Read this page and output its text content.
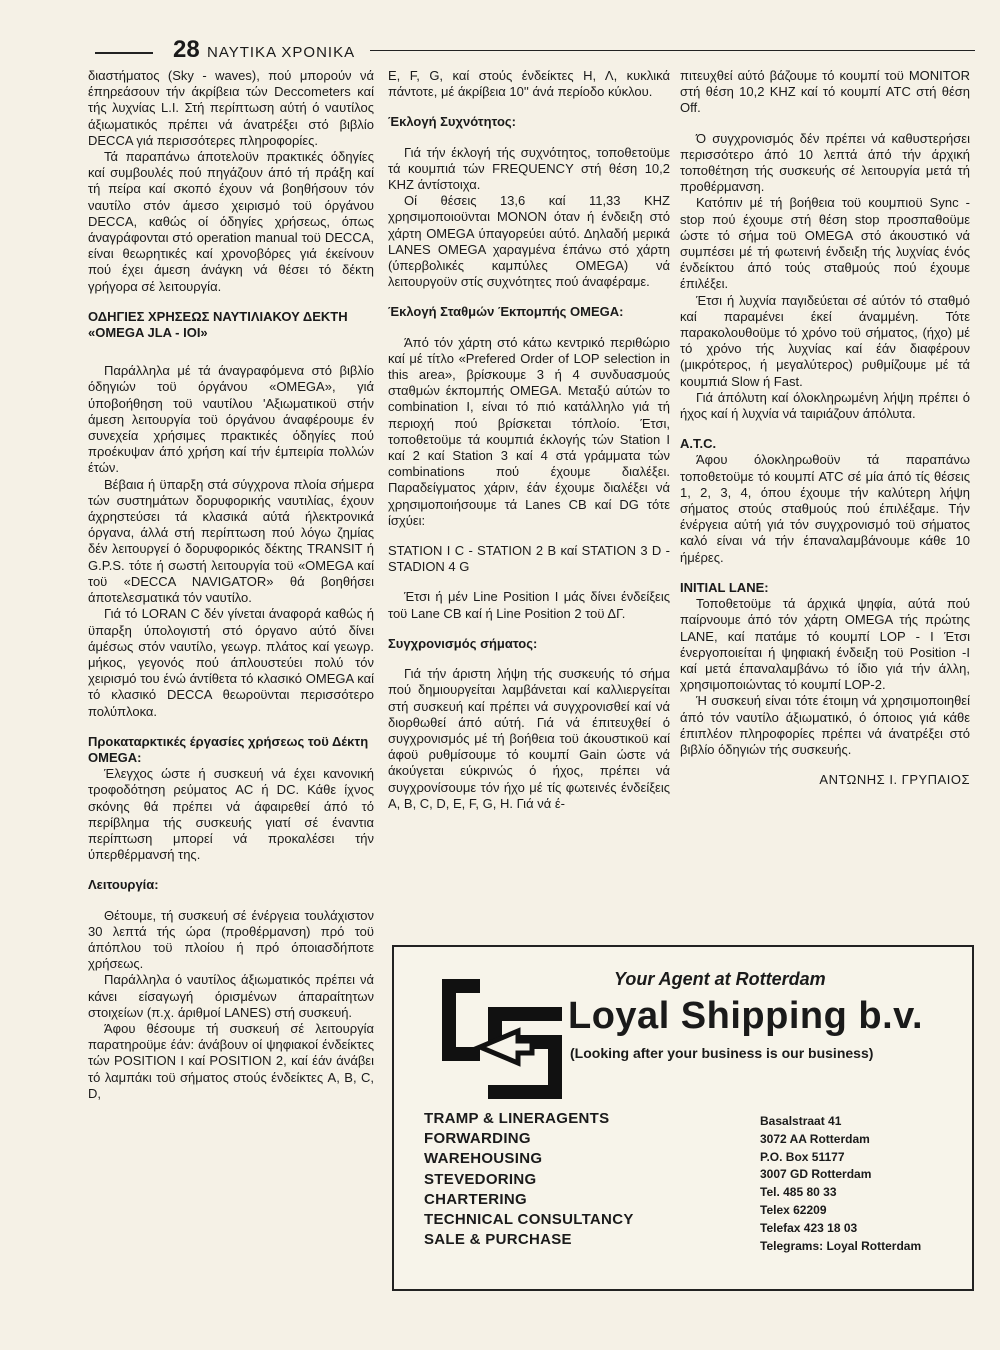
28 ΝΑΥΤΙΚΑ ΧΡΟΝΙΚΑ

διαστήματος (Sky - waves), πού μπορούν νά έπηρεάσουν τήν άκρίβεια τών Deccometers καί τής λυχνίας L.I. Στή περίπτωση αύτή ό ναυτίλος άξιωματικός πρέπει νά άνατρέξει στό βιβλίο DECCA γιά περισσότερες πληροφορίες.

Τά παραπάνω άποτελοϋν πρακτικές όδηγίες καί συμβουλές πού πηγάζουν άπό τή πράξη καί τή πείρα καί σκοπό έχουν νά βοηθήσουν τόν ναυτίλο στόν άμεσο χειρισμό τοϋ όργάνου DECCA, καθώς οί όδηγίες χρήσεως, όπως άναγράφονται στό operation manual τοϋ DECCA, είναι θεωρητικές καί χρονοβόρες γιά έκείνουν πού έχει άμεση άνάγκη νά θέσει τό δέκτη γρήγορα σέ λειτουργία.

ΟΔΗΓΙΕΣ ΧΡΗΣΕΩΣ ΝΑΥΤΙΛΙΑΚΟΥ ΔΕΚΤΗ «OMEGA JLA - IOI»

Παράλληλα μέ τά άναγραφόμενα στό βιβλίο όδηγιών τοϋ όργάνου «OMEGA», γιά ύποβοήθηση τοϋ ναυτίλου 'Αξιωματικοϋ στήν άμεση λειτουργία τοϋ όργάνου άναφέρουμε έν συνεχεία χρήσιμες πρακτικές όδηγίες πού προέκυψαν άπό χρήση καί τήν έμπειρία πολλών έτών.

Βέβαια ή ϋπαρξη στά σύγχρονα πλοία σήμερα τών συστημάτων δορυφορικής ναυτιλίας, έχουν άχρηστεύσει τά κλασικά αύτά ήλεκτρονικά όργανα, άλλά στή περίπτωση πού λόγω ζημίας δέν λειτουργεί ό δορυφορικός δέκτης TRANSIT ή G.P.S. τότε ή σωστή λειτουργία τοϋ «OMEGA καί τοϋ «DECCA NAVIGATOR» θά βοηθήσει άποτελεσματικά τόν ναυτίλο.

Γιά τό LORAN C δέν γίνεται άναφορά καθώς ή ϋπαρξη ύπολογιστή στό όργανο αύτό δίνει άμέσως στόν ναυτίλο, γεωγρ. πλάτος καί γεωγρ. μήκος, γεγονός πού άπλουστεύει πολύ τόν χειρισμό του ένώ άντίθετα τό κλασικό OMEGA καί τό κλασικό DECCA θεωροϋνται περισσότερο πολύπλοκα.

Προκαταρκτικές έργασίες χρήσεως τοϋ Δέκτη OMEGA:

Έλεγχος ώστε ή συσκευή νά έχει κανονική τροφοδότηση ρεύματος AC ή DC. Κάθε ίχνος σκόνης θά πρέπει νά άφαιρεθεί άπό τό περίβλημα τής συσκευής γιατί σέ έναντια περίπτωση μπορεί νά προκαλέσει τήν ύπερθέρμανσή της.

Λειτουργία:

Θέτουμε, τή συσκευή σέ ένέργεια τουλάχιστον 30 λεπτά τής ώρα (προθέρμανση) πρό τοϋ άπόπλου τοϋ πλοίου ή πρό όποιασδήποτε χρήσεως.

Παράλληλα ό ναυτίλος άξιωματικός πρέπει νά κάνει είσαγωγή όρισμένων άπαραίτητων στοιχείων (π.χ. άριθμοί LANES) στή συσκευή.

Άφου θέσουμε τή συσκευή σέ λειτουργία παρατηροϋμε έάν: άνάβουν οί ψηφιακοί ένδείκτες τών POSITION I καί POSITION 2, καί έάν άνάβει τό λαμπάκι τοϋ σήματος στούς ένδείκτες A, B, C, D,

E, F, G, καί στούς ένδείκτες Η, Λ, κυκλικά πάντοτε, μέ άκρίβεια 10'' άνά περίοδο κύκλου.

Έκλογή Συχνότητος:

Γιά τήν έκλογή τής συχνότητος, τοποθετοϋμε τά κουμπιά τών FREQUENCY στή θέση 10,2 KHZ άντίστοιχα.

Οί θέσεις 13,6 καί 11,33 KHZ χρησιμοποιοϋνται ΜΟΝΟΝ όταν ή ένδειξη στό χάρτη OMEGA ύπαγορεύει αύτό. Δηλαδή μερικά LANES OMEGA χαραγμένα έπάνω στό χάρτη (ύπερβολικές καμπύλες OMEGA) νά λειτουργοϋν στίς συχνότητες πού άναφέραμε.

Έκλογή Σταθμών Έκπομπής OMEGA:

Άπό τόν χάρτη στό κάτω κεντρικό περιθώριο καί μέ τίτλο «Prefered Order of LOP selection in this area», βρίσκουμε 3 ή 4 συνδυασμούς σταθμών έκπομπής OMEGA. Μεταξύ αύτών το combination I, είναι τό πιό κατάλληλο γιά τή περιοχή πού βρίσκεται τόπλοίο. Έτσι, τοποθετοϋμε τά κουμπιά έκλογής τών Station I καί 2 καί Station 3 καί 4 στά γράμματα τών combinations πού έχουμε διαλέξει. Παραδείγματος χάριν, έάν έχουμε διαλέξει νά χρησιμοποιήσουμε τά Lanes CB καί DG τότε ίσχύει:

STATION I C - STATION 2 B καί STATION 3 D - STADION 4 G

Έτσι ή μέν Line Position I μάς δίνει ένδείξεις τοϋ Lane CB καί ή Line Position 2 τοϋ ΔΓ.

Συγχρονισμός σήματος:

Γιά τήν άριστη λήψη τής συσκευής τό σήμα πού δημιουργείται λαμβάνεται καί καλλιεργείται στή συσκευή καί πρέπει νά συγχρονισθεί καί νά διορθωθεί άπό αύτή. Γιά νά έπιτευχθεί ό συγχρονισμός μέ τή βοήθεια τοϋ άκουστικοϋ καί άφοϋ ρυθμίσουμε τό κουμπί Gain ώστε νά άκούγεται εύκρινώς ό ήχος, πρέπει νά συγχρονίσουμε τόν ήχο μέ τίς φωτεινές ένδείξεις A, B, C, D, E, F, G, H. Γιά νά έ-

πιτευχθεί αύτό βάζουμε τό κουμπί τοϋ MONITOR στή θέση 10,2 KHZ καί τό κουμπί ATC στή θέση Off.

Ό συγχρονισμός δέν πρέπει νά καθυστερήσει περισσότερο άπό 10 λεπτά άπό τήν άρχική τοποθέτηση τής συσκευής σέ λειτουργία μετά τή προθέρμανση.

Κατόπιν μέ τή βοήθεια τοϋ κουμπιοϋ Sync - stop πού έχουμε στή θέση stop προσπαθοϋμε ώστε τό σήμα τοϋ OMEGA στό άκουστικό νά συμπέσει μέ τή φωτεινή ένδειξη τής λυχνίας ένός ένδείκτου άπό τούς σταθμούς πού έχουμε έπιλέξει.

Έτσι ή λυχνία παγιδεύεται σέ αύτόν τό σταθμό καί παραμένει έκεί άναμμένη. Τότε παρακολουθοϋμε τό χρόνο τοϋ σήματος, (ήχο) μέ τό χρόνο τής λυχνίας καί έάν διαφέρουν (μικρότερος, ή μεγαλύτερος) ρυθμίζουμε μέ τά κουμπιά Slow ή Fast.

Γιά άπόλυτη καί όλοκληρωμένη λήψη πρέπει ό ήχος καί ή λυχνία νά ταιριάζουν άπόλυτα.

A.T.C.

Άφου όλοκληρωθοϋν τά παραπάνω τοποθετοϋμε τό κουμπί ATC σέ μία άπό τίς θέσεις 1, 2, 3, 4, όπου έχουμε τήν καλύτερη λήψη σήματος στούς σταθμούς πού έπιλέξαμε. Τήν ένέργεια αύτή γιά τόν συγχρονισμό τοϋ σήματος καλό είναι νά τήν έπαναλαμβάνουμε κάθε 10 ήμέρες.

INITIAL LANE:

Τοποθετοϋμε τά άρχικά ψηφία, αύτά πού παίρνουμε άπό τόν χάρτη OMEGA τής πρώτης LANE, καί πατάμε τό κουμπί LOP - I Έτσι ένεργοποιείται ή ψηφιακή ένδειξη τοϋ Position -I καί μετά έπαναλαμβάνω τό ίδιο γιά τήν άλλη, χρησιμοποιώντας τό κουμπί LOP-2.

Ή συσκευή είναι τότε έτοιμη νά χρησιμοποιηθεί άπό τόν ναυτίλο άξιωματικό, ό όποιος γιά κάθε έπιπλέον πληροφορίες πρέπει νά άνατρέξει στό βιβλίο όδηγιών τής συσκευής.

ΑΝΤΩΝΗΣ Ι. ΓΡΥΠΑΙΟΣ
Your Agent at Rotterdam
Loyal Shipping b.v.
(Looking after your business is our business)
TRAMP & LINERAGENTS
FORWARDING
WAREHOUSING
STEVEDORING
CHARTERING
TECHNICAL CONSULTANCY
SALE & PURCHASE
Basalstraat 41
3072 AA Rotterdam
P.O. Box 51177
3007 GD Rotterdam
Tel. 485 80 33
Telex 62209
Telefax 423 18 03
Telegrams: Loyal Rotterdam
